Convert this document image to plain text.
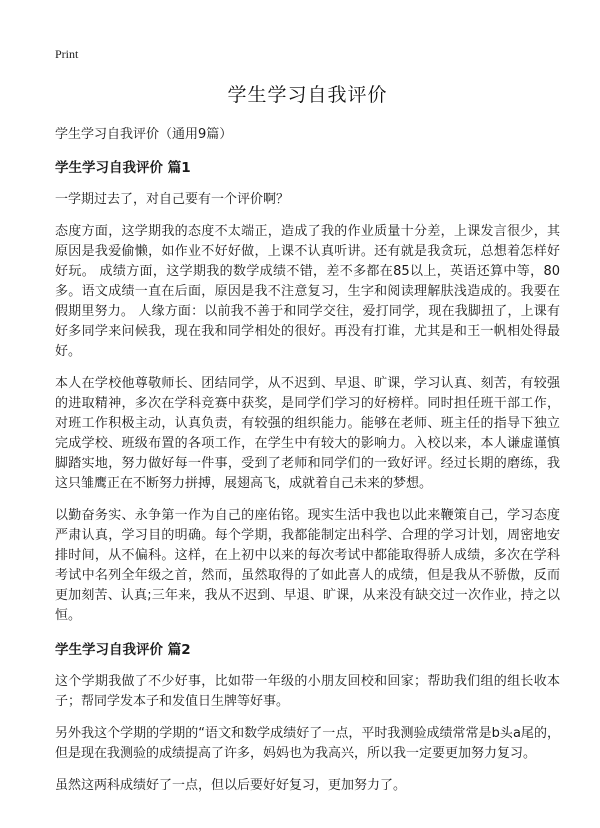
Print

学生学习自我评价

学生学习自我评价（通用9篇）

学生学习自我评价 篇1

一学期过去了，对自己要有一个评价啊？

态度方面，这学期我的态度不太端正，造成了我的作业质量十分差，上课发言很少，其原因是我爱偷懒，如作业不好好做，上课不认真听讲。还有就是我贪玩，总想着怎样好好玩。 成绩方面，这学期我的数学成绩不错，差不多都在85以上，英语还算中等，80多。语文成绩一直在后面，原因是我不注意复习，生字和阅读理解肤浅造成的。我要在假期里努力。 人缘方面：以前我不善于和同学交往，爱打同学，现在我脚扭了，上课有好多同学来问候我，现在我和同学相处的很好。再没有打谁，尤其是和王一帆相处得最好。

本人在学校他尊敬师长、团结同学，从不迟到、早退、旷课，学习认真、刻苦，有较强的进取精神，多次在学科竞赛中获奖，是同学们学习的好榜样。同时担任班干部工作，对班工作积极主动，认真负责，有较强的组织能力。能够在老师、班主任的指导下独立完成学校、班级布置的各项工作，在学生中有较大的影响力。入校以来，本人谦虚谨慎脚踏实地，努力做好每一件事，受到了老师和同学们的一致好评。经过长期的磨练，我这只雏鹰正在不断努力拼搏，展翅高飞，成就着自己未来的梦想。

以勤奋务实、永争第一作为自己的座佑铭。现实生活中我也以此来鞭策自己，学习态度严肃认真，学习目的明确。每个学期，我都能制定出科学、合理的学习计划，周密地安排时间，从不偏科。这样，在上初中以来的每次考试中都能取得骄人成绩，多次在学科考试中名列全年级之首，然而，虽然取得的了如此喜人的成绩，但是我从不骄傲，反而更加刻苦、认真;三年来，我从不迟到、早退、旷课，从来没有缺交过一次作业，持之以恒。

学生学习自我评价 篇2

这个学期我做了不少好事，比如带一年级的小朋友回校和回家；帮助我们组的组长收本子；帮同学发本子和发值日生牌等好事。

另外我这个学期的学期的“语文和数学成绩好了一点，平时我测验成绩常常是b头a尾的，但是现在我测验的成绩提高了许多，妈妈也为我高兴，所以我一定要更加努力复习。

虽然这两科成绩好了一点，但以后要好好复习，更加努力了。
